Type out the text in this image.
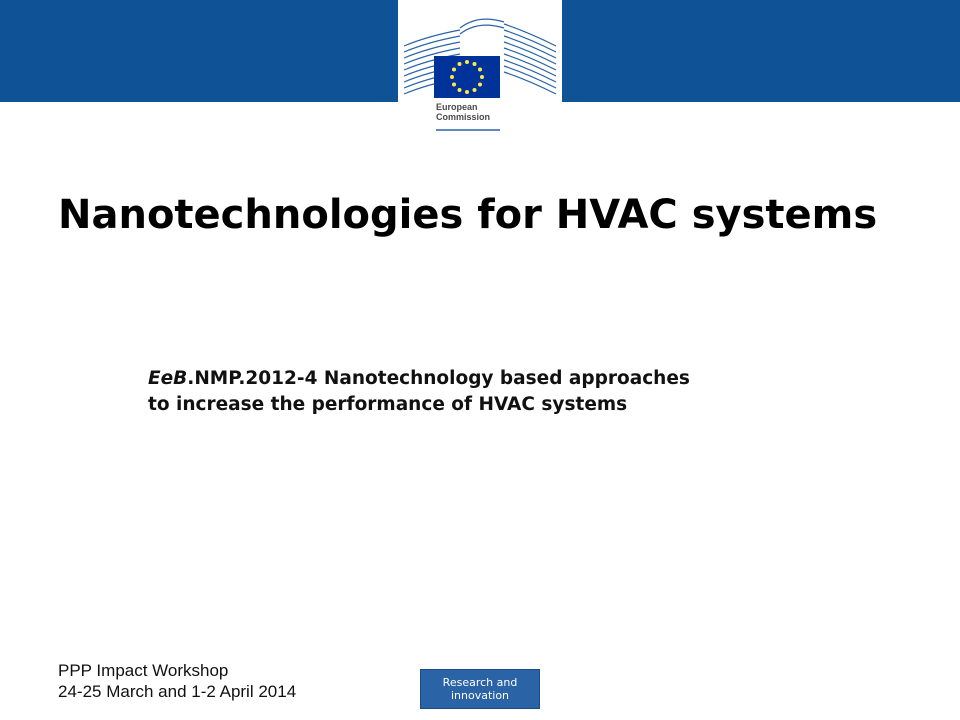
European
Commission
Nanotechnologies for HVAC systems
EeB.NMP.2012-4 Nanotechnology based approaches
to increase the performance of HVAC systems
PPP Impact Workshop
24-25 March and 1-2 April 2014	Research and
innovation
